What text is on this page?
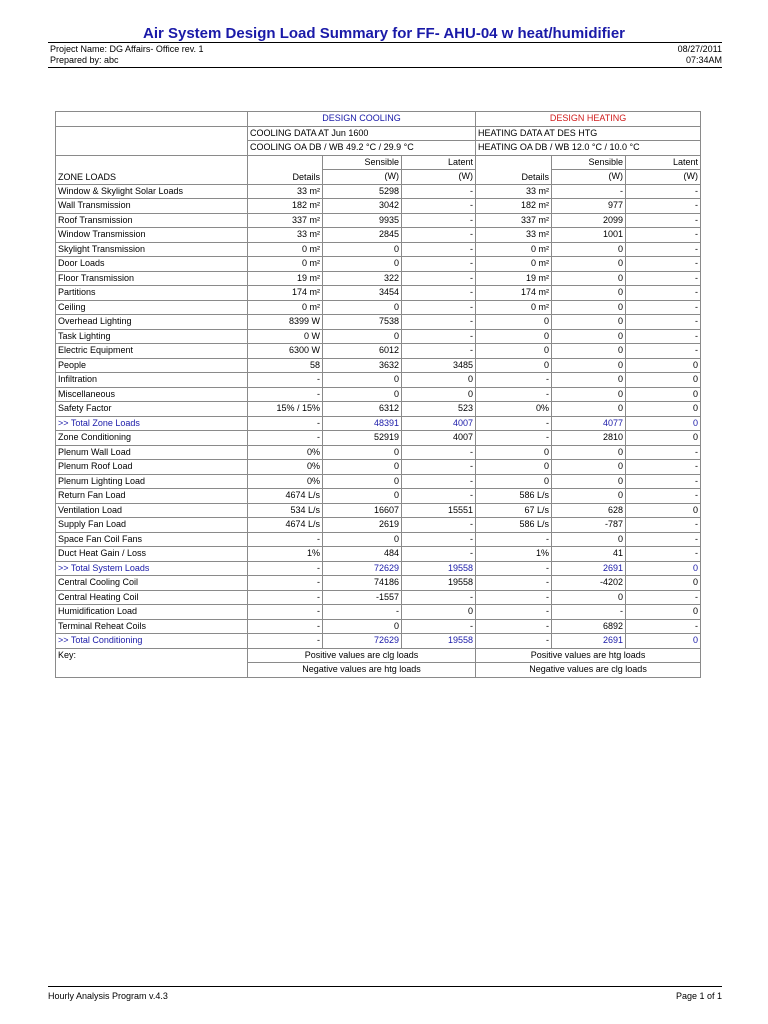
Air System Design Load Summary for FF- AHU-04 w heat/humidifier
Project Name: DG Affairs- Office rev. 1
Prepared by: abc
08/27/2011
07:34AM
	DESIGN COOLING			DESIGN HEATING		
	COOLING DATA AT Jun 1600			HEATING DATA AT DES HTG		
	COOLING OA DB / WB 49.2 °C / 29.9 °C			HEATING OA DB / WB 12.0 °C / 10.0 °C		
ZONE LOADS	Details	Sensible	Latent	Details	Sensible	Latent
		(W)	(W)		(W)	(W)
Window & Skylight Solar Loads	33 m²	5298	-	33 m²	-	-
Wall Transmission	182 m²	3042	-	182 m²	977	-
Roof Transmission	337 m²	9935	-	337 m²	2099	-
Window Transmission	33 m²	2845	-	33 m²	1001	-
Skylight Transmission	0 m²	0	-	0 m²	0	-
Door Loads	0 m²	0	-	0 m²	0	-
Floor Transmission	19 m²	322	-	19 m²	0	-
Partitions	174 m²	3454	-	174 m²	0	-
Ceiling	0 m²	0	-	0 m²	0	-
Overhead Lighting	8399 W	7538	-	0	0	-
Task Lighting	0 W	0	-	0	0	-
Electric Equipment	6300 W	6012	-	0	0	-
People	58	3632	3485	0	0	0
Infiltration	-	0	0	-	0	0
Miscellaneous	-	0	0	-	0	0
Safety Factor	15% / 15%	6312	523	0%	0	0
>> Total Zone Loads	-	48391	4007	-	4077	0
Zone Conditioning	-	52919	4007	-	2810	0
Plenum Wall Load	0%	0	-	0	0	-
Plenum Roof Load	0%	0	-	0	0	-
Plenum Lighting Load	0%	0	-	0	0	-
Return Fan Load	4674 L/s	0	-	586 L/s	0	-
Ventilation Load	534 L/s	16607	15551	67 L/s	628	0
Supply Fan Load	4674 L/s	2619	-	586 L/s	-787	-
Space Fan Coil Fans	-	0	-	-	0	-
Duct Heat Gain / Loss	1%	484	-	1%	41	-
>> Total System Loads	-	72629	19558	-	2691	0
Central Cooling Coil	-	74186	19558	-	-4202	0
Central Heating Coil	-	-1557	-	-	0	-
Humidification Load	-	-	0	-	-	0
Terminal Reheat Coils	-	0	-	-	6892	-
>> Total Conditioning	-	72629	19558	-	2691	0
Key:	Positive values are clg loads			Positive values are htg loads		
	Negative values are htg loads			Negative values are clg loads		
Hourly Analysis Program v.4.3	Page 1 of 1
